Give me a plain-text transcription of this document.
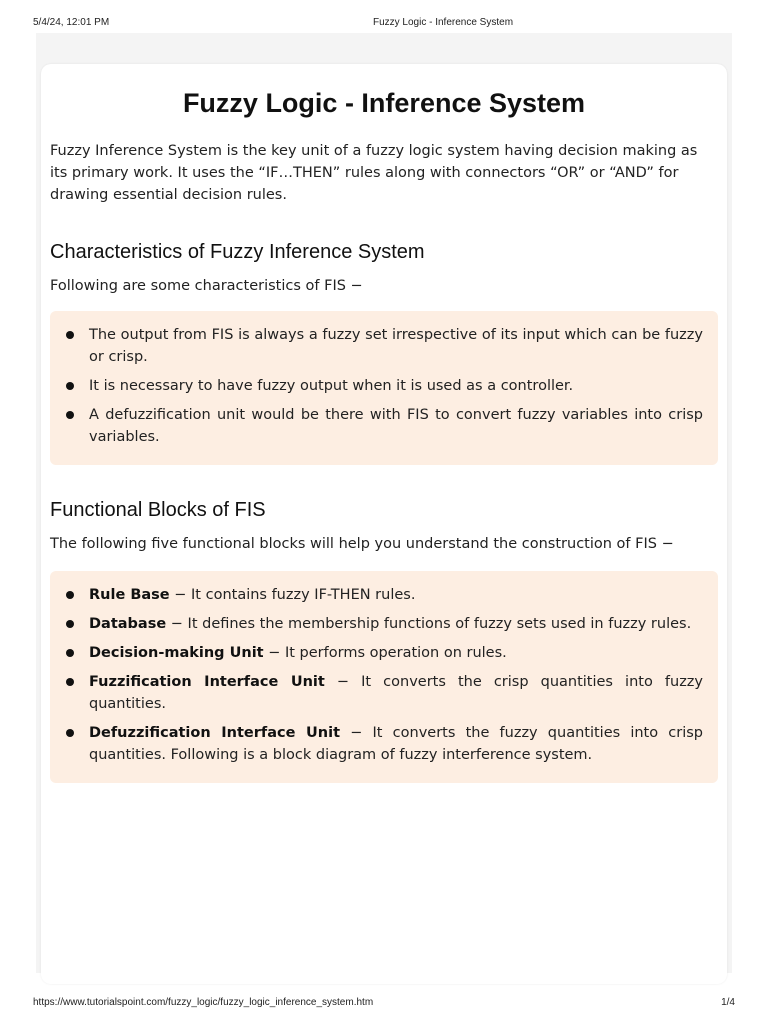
5/4/24, 12:01 PM	Fuzzy Logic - Inference System
Fuzzy Logic - Inference System

Fuzzy Inference System is the key unit of a fuzzy logic system having decision making as its primary work. It uses the “IF…THEN” rules along with connectors “OR” or “AND” for drawing essential decision rules.

Characteristics of Fuzzy Inference System

Following are some characteristics of FIS −

The output from FIS is always a fuzzy set irrespective of its input which can be fuzzy or crisp.
It is necessary to have fuzzy output when it is used as a controller.
A defuzzification unit would be there with FIS to convert fuzzy variables into crisp variables.
Functional Blocks of FIS

The following five functional blocks will help you understand the construction of FIS −

Rule Base − It contains fuzzy IF-THEN rules.
Database − It defines the membership functions of fuzzy sets used in fuzzy rules.
Decision-making Unit − It performs operation on rules.
Fuzzification Interface Unit − It converts the crisp quantities into fuzzy quantities.
Defuzzification Interface Unit − It converts the fuzzy quantities into crisp quantities. Following is a block diagram of fuzzy interference system.
https://www.tutorialspoint.com/fuzzy_logic/fuzzy_logic_inference_system.htm	1/4
